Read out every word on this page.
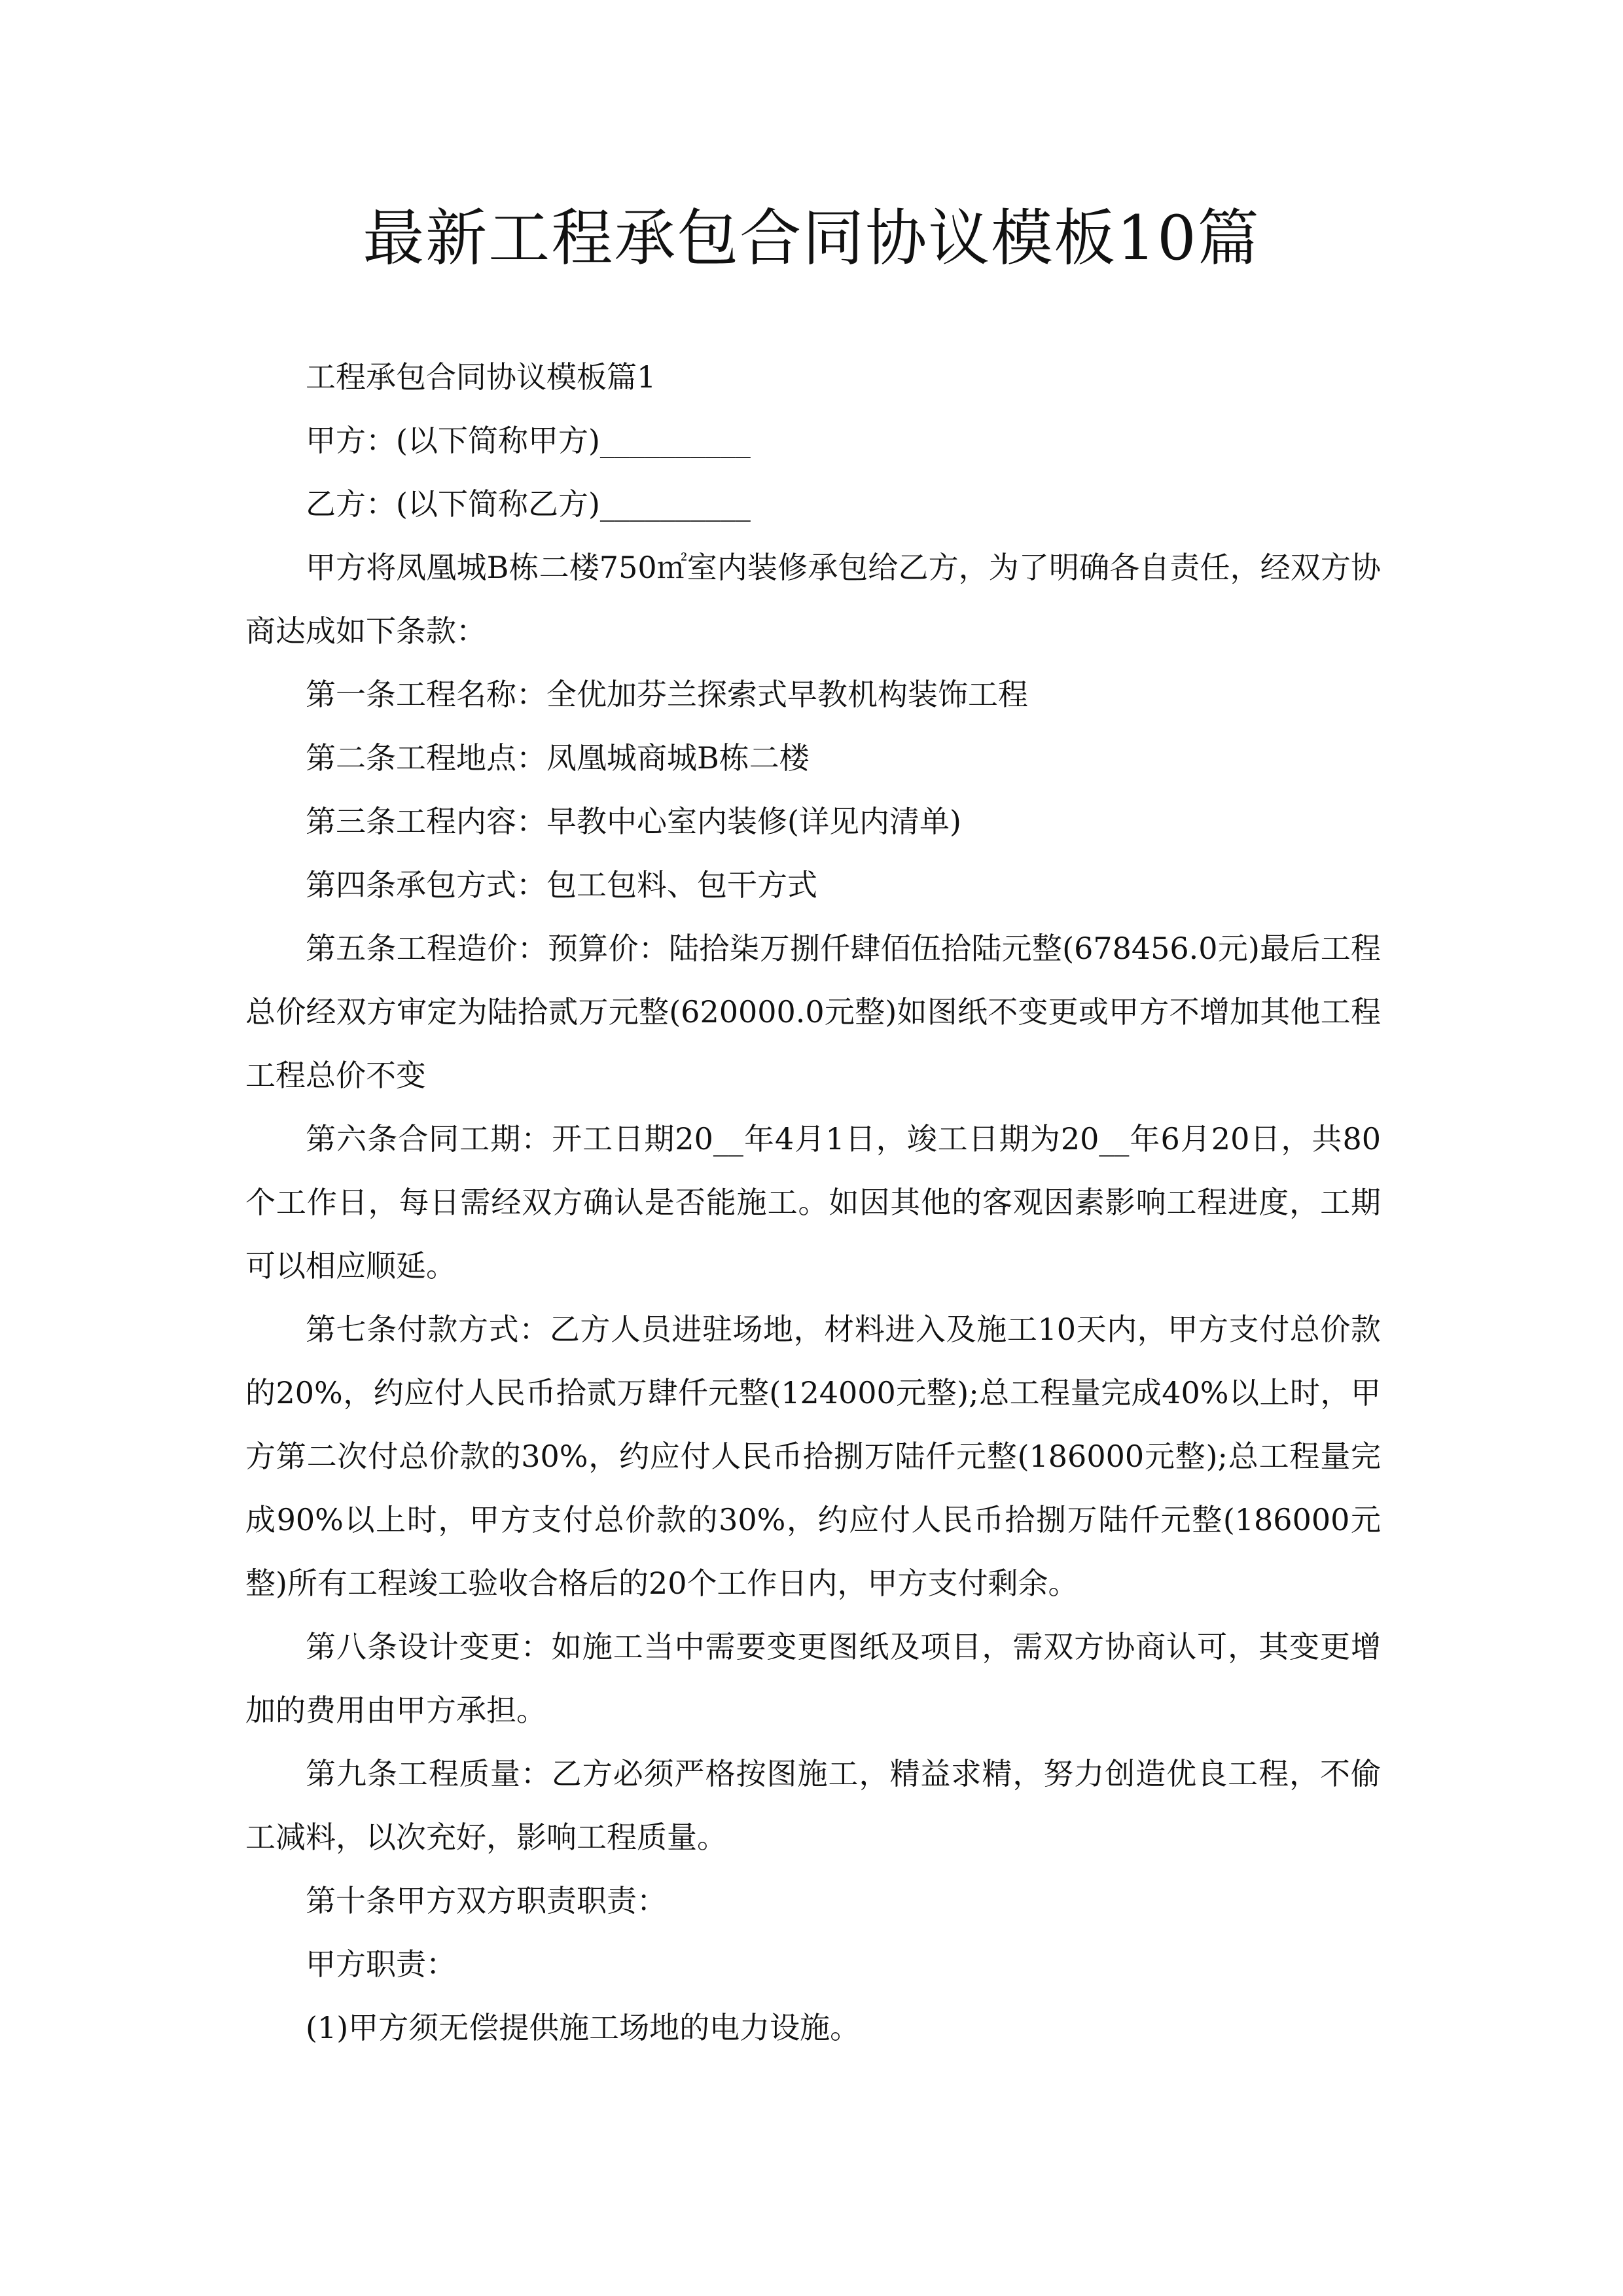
最新工程承包合同协议模板10篇

工程承包合同协议模板篇1

甲方：(以下简称甲方)__________

乙方：(以下简称乙方)__________

甲方将凤凰城B栋二楼750㎡室内装修承包给乙方，为了明确各自责任，经双方协商达成如下条款：

第一条工程名称：全优加芬兰探索式早教机构装饰工程

第二条工程地点：凤凰城商城B栋二楼

第三条工程内容：早教中心室内装修(详见内清单)

第四条承包方式：包工包料、包干方式

第五条工程造价：预算价：陆拾柒万捌仟肆佰伍拾陆元整(678456.0元)最后工程总价经双方审定为陆拾贰万元整(620000.0元整)如图纸不变更或甲方不增加其他工程工程总价不变

第六条合同工期：开工日期20__年4月1日，竣工日期为20__年6月20日，共80个工作日，每日需经双方确认是否能施工。如因其他的客观因素影响工程进度，工期可以相应顺延。

第七条付款方式：乙方人员进驻场地，材料进入及施工10天内，甲方支付总价款的20%，约应付人民币拾贰万肆仟元整(124000元整);总工程量完成40%以上时，甲方第二次付总价款的30%，约应付人民币拾捌万陆仟元整(186000元整);总工程量完成90%以上时，甲方支付总价款的30%，约应付人民币拾捌万陆仟元整(186000元整)所有工程竣工验收合格后的20个工作日内，甲方支付剩余。

第八条设计变更：如施工当中需要变更图纸及项目，需双方协商认可，其变更增加的费用由甲方承担。

第九条工程质量：乙方必须严格按图施工，精益求精，努力创造优良工程，不偷工减料，以次充好，影响工程质量。

第十条甲方双方职责职责：

甲方职责：

(1)甲方须无偿提供施工场地的电力设施。
